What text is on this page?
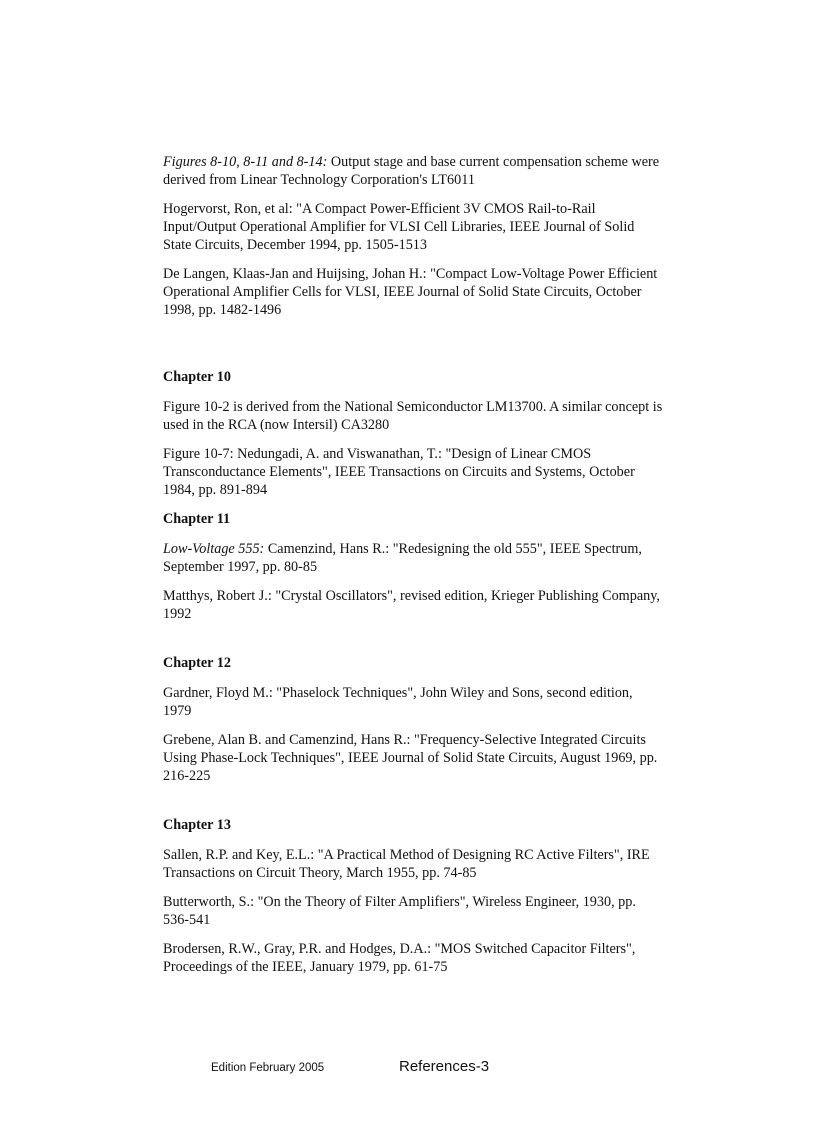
Figures 8-10, 8-11 and 8-14: Output stage and base current compensation scheme were derived from Linear Technology Corporation's LT6011

Hogervorst, Ron, et al: "A Compact Power-Efficient 3V CMOS Rail-to-Rail Input/Output Operational Amplifier for VLSI Cell Libraries, IEEE Journal of Solid State Circuits, December 1994, pp. 1505-1513

De Langen, Klaas-Jan and Huijsing, Johan H.: "Compact Low-Voltage Power Efficient Operational Amplifier Cells for VLSI, IEEE Journal of Solid State Circuits, October 1998, pp. 1482-1496

Chapter 10

Figure 10-2 is derived from the National Semiconductor LM13700. A similar concept is used in the RCA (now Intersil) CA3280

Figure 10-7: Nedungadi, A. and Viswanathan, T.: "Design of Linear CMOS Transconductance Elements", IEEE Transactions on Circuits and Systems, October 1984, pp. 891-894

Chapter 11

Low-Voltage 555: Camenzind, Hans R.: "Redesigning the old 555", IEEE Spectrum, September 1997, pp. 80-85

Matthys, Robert J.: "Crystal Oscillators", revised edition, Krieger Publishing Company, 1992

Chapter 12

Gardner, Floyd M.: "Phaselock Techniques", John Wiley and Sons, second edition, 1979

Grebene, Alan B. and Camenzind, Hans R.: "Frequency-Selective Integrated Circuits Using Phase-Lock Techniques", IEEE Journal of Solid State Circuits, August 1969, pp. 216-225

Chapter 13

Sallen, R.P. and Key, E.L.: "A Practical Method of Designing RC Active Filters", IRE Transactions on Circuit Theory, March 1955, pp. 74-85

Butterworth, S.: "On the Theory of Filter Amplifiers", Wireless Engineer, 1930, pp. 536-541

Brodersen, R.W., Gray, P.R. and Hodges, D.A.: "MOS Switched Capacitor Filters", Proceedings of the IEEE, January 1979, pp. 61-75

Edition February 2005	References-3
